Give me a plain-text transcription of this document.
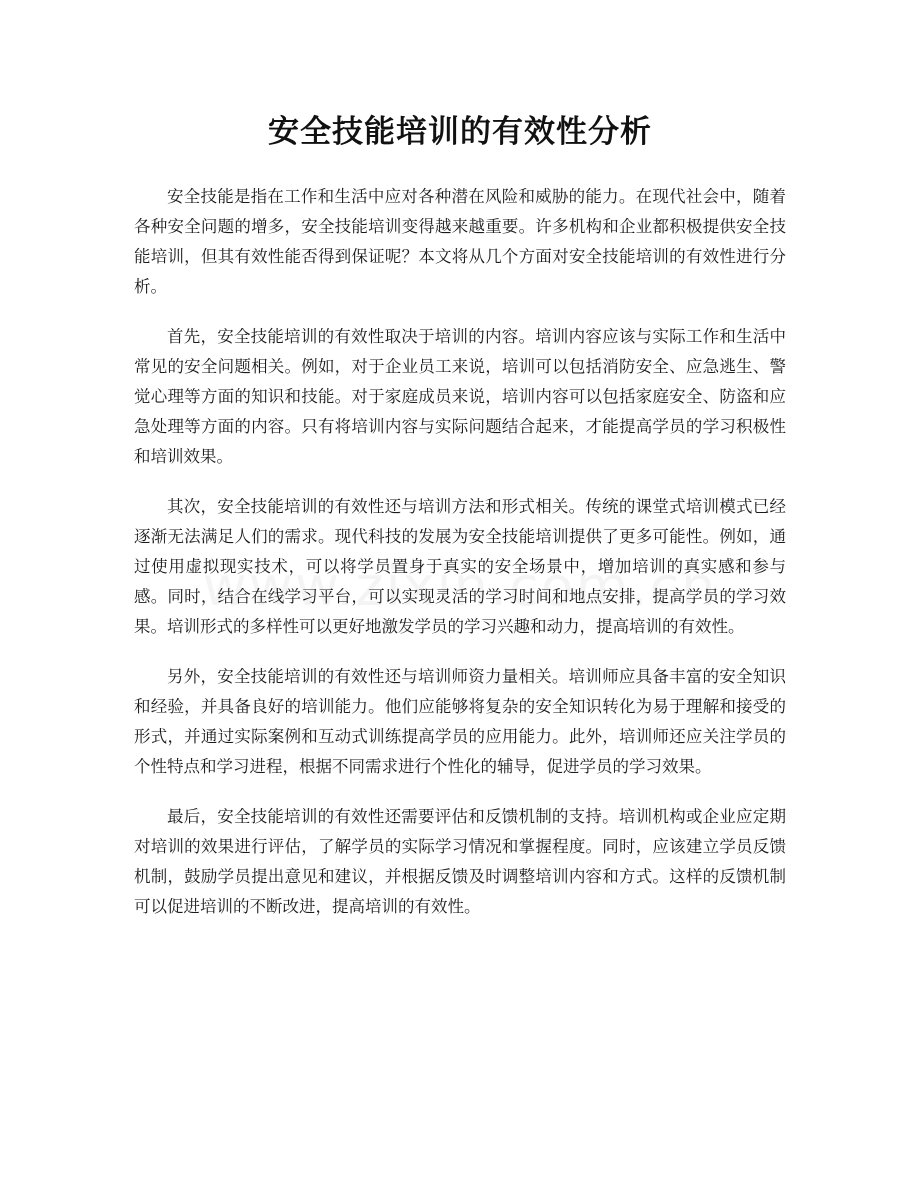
安全技能培训的有效性分析

安全技能是指在工作和生活中应对各种潜在风险和威胁的能力。在现代社会中，随着各种安全问题的增多，安全技能培训变得越来越重要。许多机构和企业都积极提供安全技能培训，但其有效性能否得到保证呢？本文将从几个方面对安全技能培训的有效性进行分析。

首先，安全技能培训的有效性取决于培训的内容。培训内容应该与实际工作和生活中常见的安全问题相关。例如，对于企业员工来说，培训可以包括消防安全、应急逃生、警觉心理等方面的知识和技能。对于家庭成员来说，培训内容可以包括家庭安全、防盗和应急处理等方面的内容。只有将培训内容与实际问题结合起来，才能提高学员的学习积极性和培训效果。

其次，安全技能培训的有效性还与培训方法和形式相关。传统的课堂式培训模式已经逐渐无法满足人们的需求。现代科技的发展为安全技能培训提供了更多可能性。例如，通过使用虚拟现实技术，可以将学员置身于真实的安全场景中，增加培训的真实感和参与感。同时，结合在线学习平台，可以实现灵活的学习时间和地点安排，提高学员的学习效果。培训形式的多样性可以更好地激发学员的学习兴趣和动力，提高培训的有效性。

另外，安全技能培训的有效性还与培训师资力量相关。培训师应具备丰富的安全知识和经验，并具备良好的培训能力。他们应能够将复杂的安全知识转化为易于理解和接受的形式，并通过实际案例和互动式训练提高学员的应用能力。此外，培训师还应关注学员的个性特点和学习进程，根据不同需求进行个性化的辅导，促进学员的学习效果。

最后，安全技能培训的有效性还需要评估和反馈机制的支持。培训机构或企业应定期对培训的效果进行评估，了解学员的实际学习情况和掌握程度。同时，应该建立学员反馈机制，鼓励学员提出意见和建议，并根据反馈及时调整培训内容和方式。这样的反馈机制可以促进培训的不断改进，提高培训的有效性。
